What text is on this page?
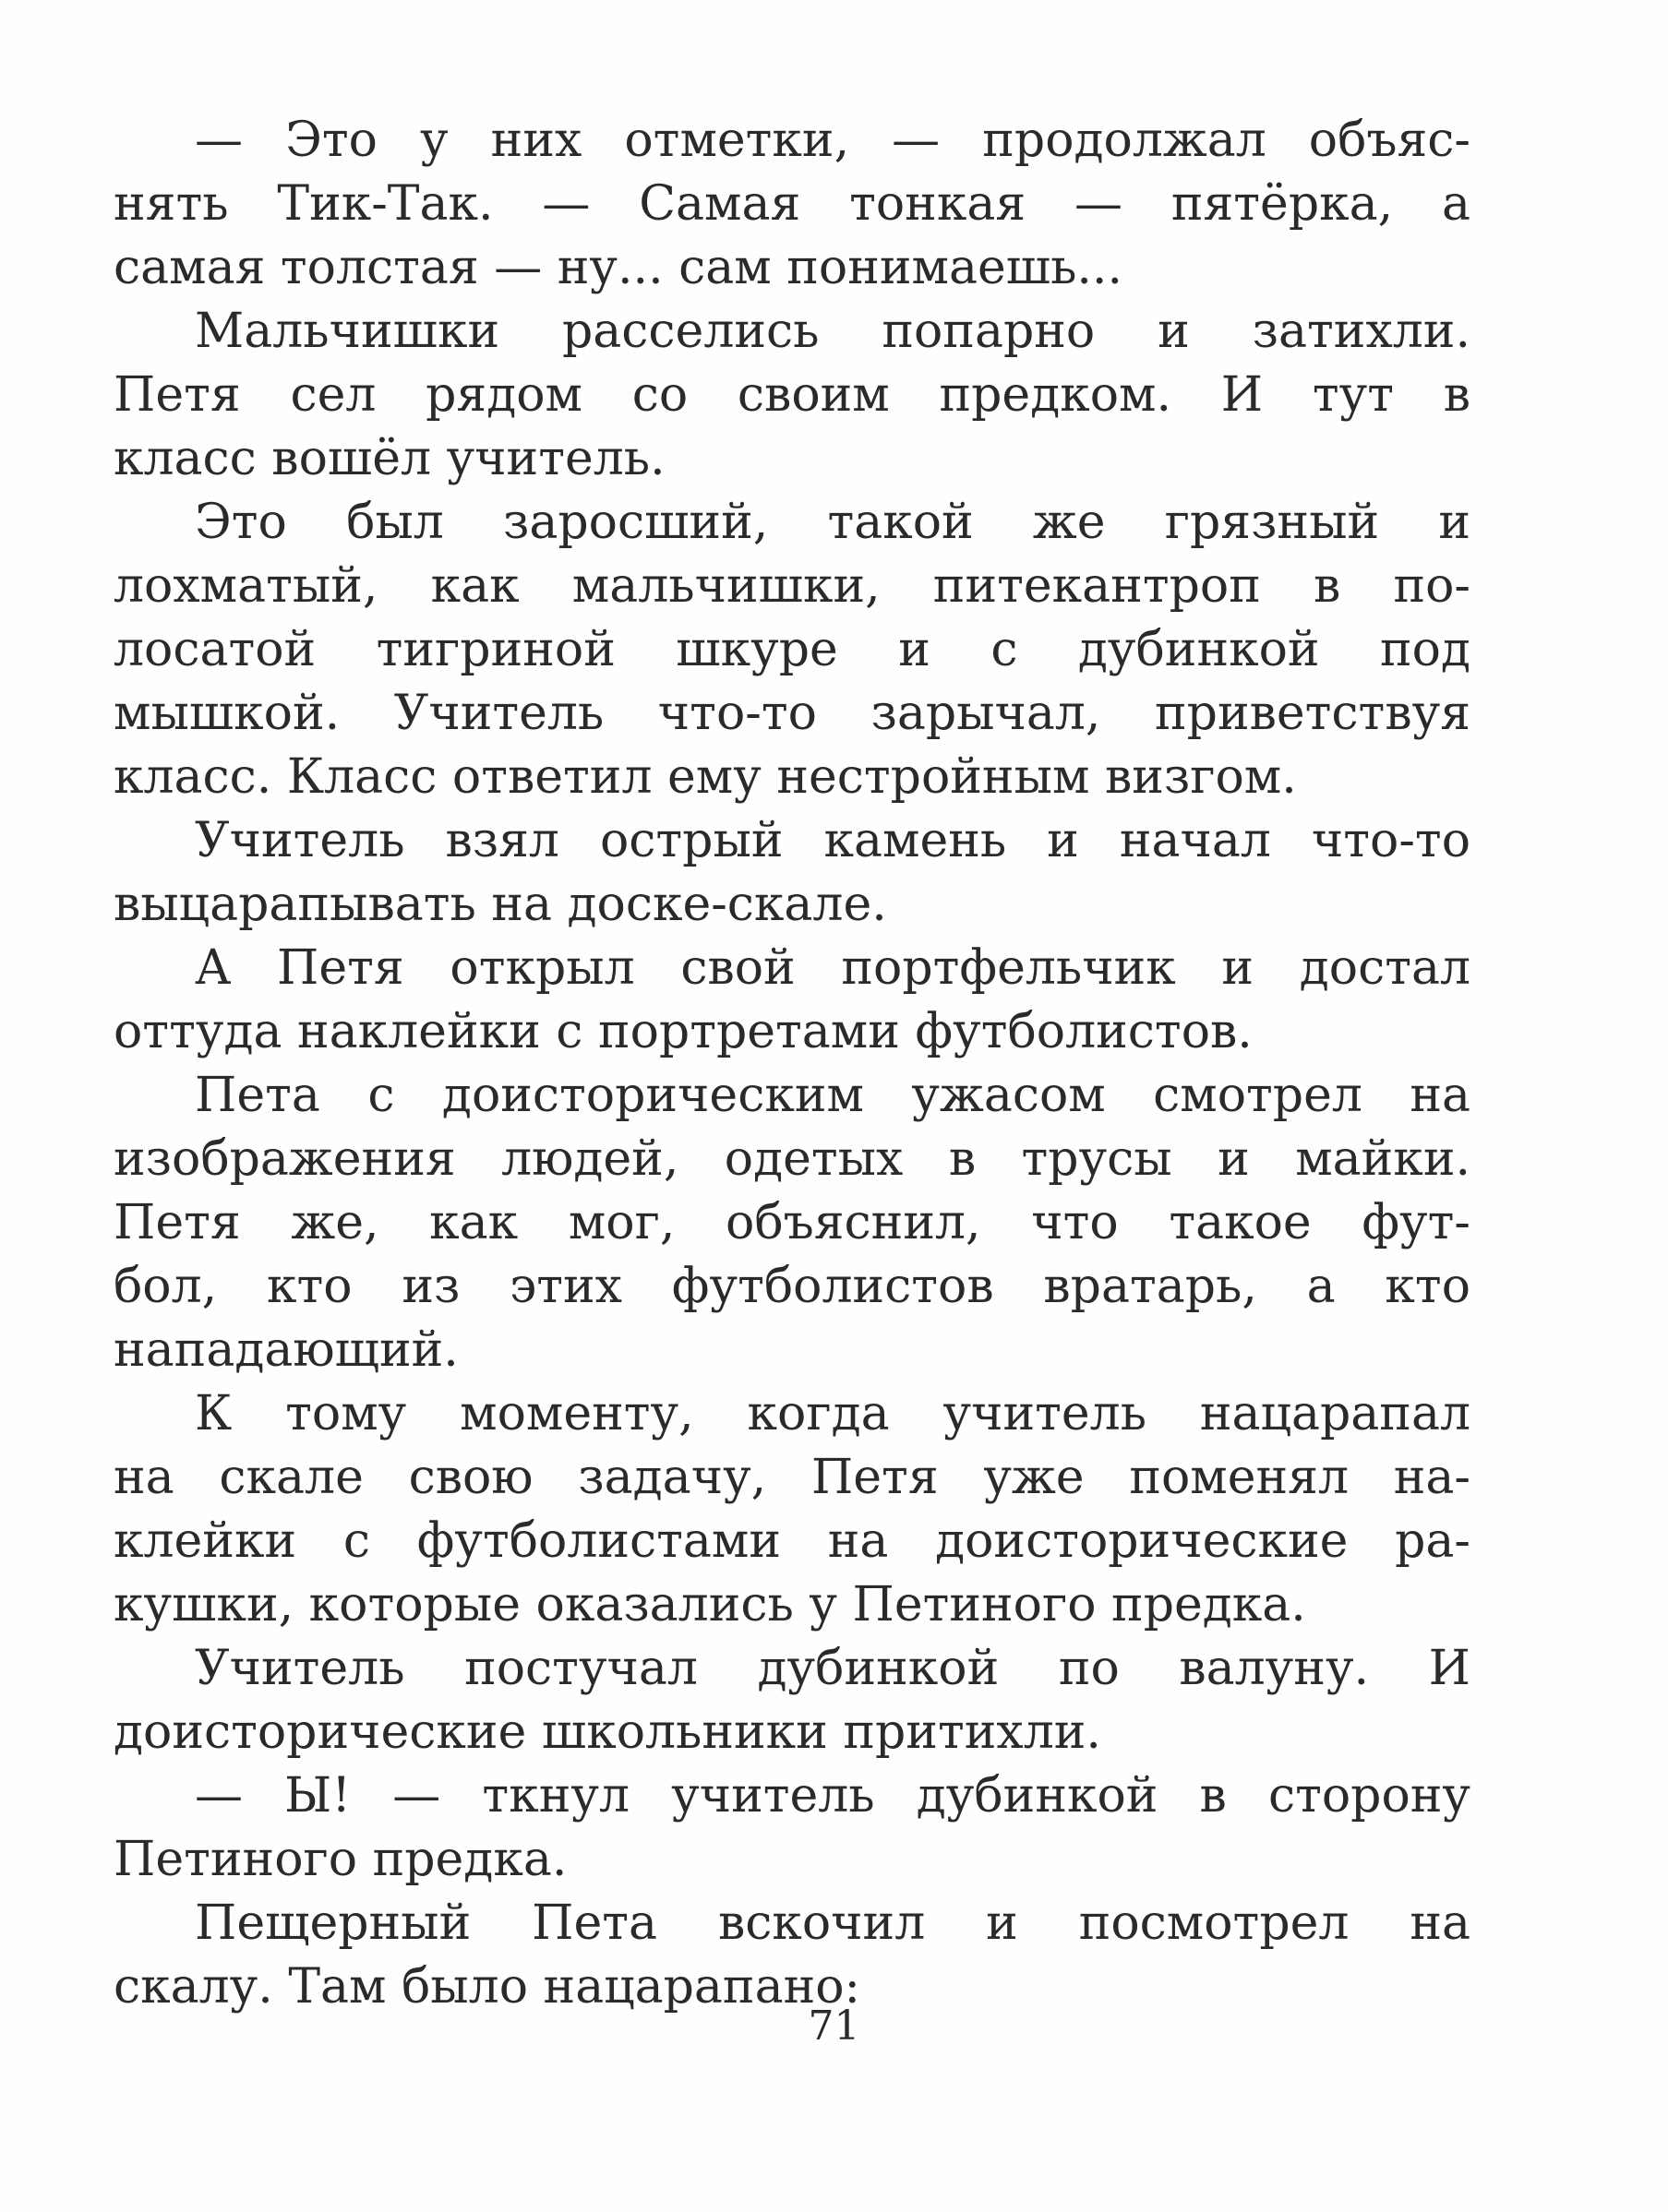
— Это у них отметки, — продолжал объяс-
нять Тик-Так. — Самая тонкая — пятёрка, а
самая толстая — ну... сам понимаешь...
Мальчишки расселись попарно и затихли.
Петя сел рядом со своим предком. И тут в
класс вошёл учитель.
Это был заросший, такой же грязный и
лохматый, как мальчишки, питекантроп в по-
лосатой тигриной шкуре и с дубинкой под
мышкой. Учитель что-то зарычал, приветствуя
класс. Класс ответил ему нестройным визгом.
Учитель взял острый камень и начал что-то
выцарапывать на доске-скале.
А Петя открыл свой портфельчик и достал
оттуда наклейки с портретами футболистов.
Пета с доисторическим ужасом смотрел на
изображения людей, одетых в трусы и майки.
Петя же, как мог, объяснил, что такое фут-
бол, кто из этих футболистов вратарь, а кто
нападающий.
К тому моменту, когда учитель нацарапал
на скале свою задачу, Петя уже поменял на-
клейки с футболистами на доисторические ра-
кушки, которые оказались у Петиного предка.
Учитель постучал дубинкой по валуну. И
доисторические школьники притихли.
— Ы! — ткнул учитель дубинкой в сторону
Петиного предка.
Пещерный Пета вскочил и посмотрел на
скалу. Там было нацарапано:
71
